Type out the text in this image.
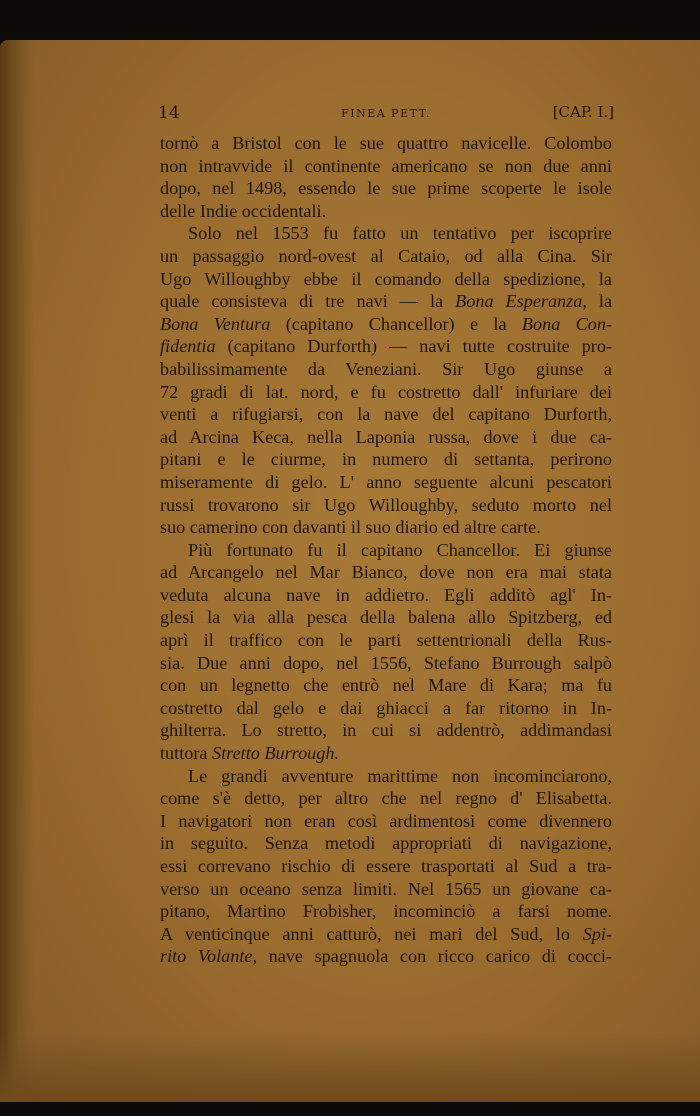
14	FINEA PETT.	[CAP. I.]
tornò a Bristol con le sue quattro navicelle. Colombo
non intravvide il continente americano se non due anni
dopo, nel 1498, essendo le sue prime scoperte le isole
delle Indie occidentali.
Solo nel 1553 fu fatto un tentativo per iscoprire
un passaggio nord-ovest al Cataio, od alla Cina. Sir
Ugo Willoughby ebbe il comando della spedizione, la
quale consisteva di tre navi — la Bona Esperanza, la
Bona Ventura (capitano Chancellor) e la Bona Con-
fidentia (capitano Durforth) — navi tutte costruite pro-
babilissimamente da Veneziani. Sir Ugo giunse a
72 gradi di lat. nord, e fu costretto dall' infuriare dei
venti a rifugiarsi, con la nave del capitano Durforth,
ad Arcina Keca, nella Laponia russa, dove i due ca-
pitani e le ciurme, in numero di settanta, perirono
miseramente di gelo. L' anno seguente alcuni pescatori
russi trovarono sir Ugo Willoughby, seduto morto nel
suo camerino con davanti il suo diario ed altre carte.
Più fortunato fu il capitano Chancellor. Ei giunse
ad Arcangelo nel Mar Bianco, dove non era mai stata
veduta alcuna nave in addietro. Egli additò agl' In-
glesi la via alla pesca della balena allo Spitzberg, ed
aprì il traffico con le parti settentrionali della Rus-
sia. Due anni dopo, nel 1556, Stefano Burrough salpò
con un legnetto che entrò nel Mare di Kara; ma fu
costretto dal gelo e dai ghiacci a far ritorno in In-
ghilterra. Lo stretto, in cui si addentrò, addimandasi
tuttora Stretto Burrough.
Le grandi avventure marittime non incominciarono,
come s'è detto, per altro che nel regno d' Elisabetta.
I navigatori non eran così ardimentosi come divennero
in seguito. Senza metodi appropriati di navigazione,
essi correvano rischio di essere trasportati al Sud a tra-
verso un oceano senza limiti. Nel 1565 un giovane ca-
pitano, Martino Frobisher, incominciò a farsi nome.
A venticinque anni catturò, nei mari del Sud, lo Spi-
rito Volante, nave spagnuola con ricco carico di cocci-
